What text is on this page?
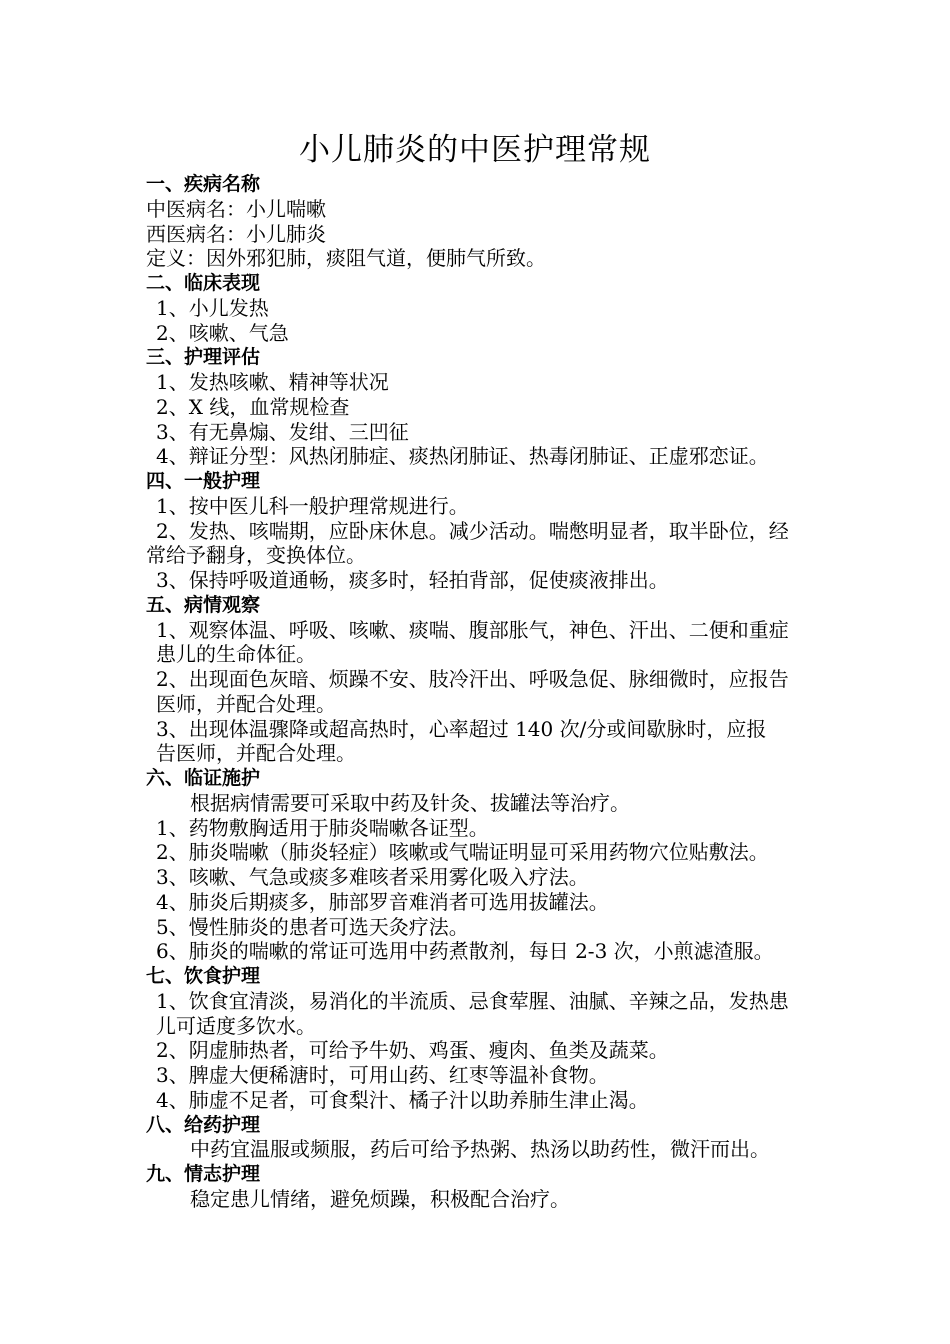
小儿肺炎的中医护理常规
一、疾病名称
中医病名：小儿喘嗽
西医病名：小儿肺炎
定义：因外邪犯肺，痰阻气道，便肺气所致。
二、临床表现
1、小儿发热
2、咳嗽、气急
三、护理评估
1、发热咳嗽、精神等状况
2、X 线，血常规检查
3、有无鼻煽、发绀、三凹征
4、辩证分型：风热闭肺症、痰热闭肺证、热毒闭肺证、正虚邪恋证。
四、一般护理
1、按中医儿科一般护理常规进行。
2、发热、咳喘期，应卧床休息。减少活动。喘憋明显者，取半卧位，经
常给予翻身，变换体位。
3、保持呼吸道通畅，痰多时，轻拍背部，促使痰液排出。
五、病情观察
1、观察体温、呼吸、咳嗽、痰喘、腹部胀气，神色、汗出、二便和重症
患儿的生命体征。
2、出现面色灰暗、烦躁不安、肢冷汗出、呼吸急促、脉细微时，应报告
医师，并配合处理。
3、出现体温骤降或超高热时，心率超过 140 次/分或间歇脉时，应报
告医师，并配合处理。
六、临证施护
根据病情需要可采取中药及针灸、拔罐法等治疗。
1、药物敷胸适用于肺炎喘嗽各证型。
2、肺炎喘嗽（肺炎轻症）咳嗽或气喘证明显可采用药物穴位贴敷法。
3、咳嗽、气急或痰多难咳者采用雾化吸入疗法。
4、肺炎后期痰多，肺部罗音难消者可选用拔罐法。
5、慢性肺炎的患者可选天灸疗法。
6、肺炎的喘嗽的常证可选用中药煮散剂，每日 2-3 次，小煎滤渣服。
七、饮食护理
1、饮食宜清淡，易消化的半流质、忌食荤腥、油腻、辛辣之品，发热患
儿可适度多饮水。
2、阴虚肺热者，可给予牛奶、鸡蛋、瘦肉、鱼类及蔬菜。
3、脾虚大便稀溏时，可用山药、红枣等温补食物。
4、肺虚不足者，可食梨汁、橘子汁以助养肺生津止渴。
八、给药护理
中药宜温服或频服，药后可给予热粥、热汤以助药性，微汗而出。
九、情志护理
稳定患儿情绪，避免烦躁，积极配合治疗。
